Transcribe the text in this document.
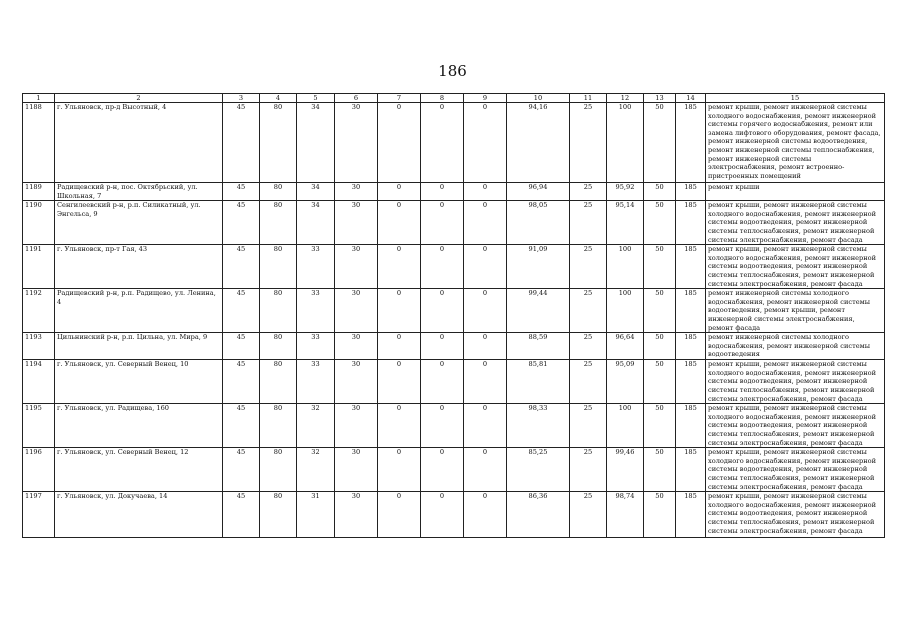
186
1	2	3	4	5	6	7	8	9	10	11	12	13	14	15
1188	г. Ульяновск, пр-д Высотный, 4	45	80	34	30	0	0	0	94,16	25	100	50	185	ремонт крыши, ремонт инженерной системы холодного водоснабжения, ремонт инженерной системы горячего водоснабжения, ремонт или замена лифтового оборудования, ремонт фасада, ремонт инженерной системы водоотведения, ремонт инженерной системы теплоснабжения, ремонт инженерной системы электроснабжения, ремонт встроенно-пристроенных помещений
1189	Радищевский р-н, пос. Октябрьский, ул. Школьная, 7	45	80	34	30	0	0	0	96,94	25	95,92	50	185	ремонт крыши
1190	Сенгилеевский р-н, р.п. Силикатный, ул. Энгельса, 9	45	80	34	30	0	0	0	98,05	25	95,14	50	185	ремонт крыши, ремонт инженерной системы холодного водоснабжения, ремонт инженерной системы водоотведения, ремонт инженерной системы теплоснабжения, ремонт инженерной системы электроснабжения, ремонт фасада
1191	г. Ульяновск, пр-т Гая, 43	45	80	33	30	0	0	0	91,09	25	100	50	185	ремонт крыши, ремонт инженерной системы холодного водоснабжения, ремонт инженерной системы водоотведения, ремонт инженерной системы теплоснабжения, ремонт инженерной системы электроснабжения, ремонт фасада
1192	Радищевский р-н, р.п. Радищево, ул. Ленина, 4	45	80	33	30	0	0	0	99,44	25	100	50	185	ремонт инженерной системы холодного водоснабжения, ремонт инженерной системы водоотведения, ремонт крыши, ремонт инженерной системы электроснабжения, ремонт фасада
1193	Цильнинский р-н, р.п. Цильна, ул. Мира, 9	45	80	33	30	0	0	0	88,59	25	96,64	50	185	ремонт инженерной системы холодного водоснабжения, ремонт инженерной системы водоотведения
1194	г. Ульяновск, ул. Северный Венец, 10	45	80	33	30	0	0	0	85,81	25	95,09	50	185	ремонт крыши, ремонт инженерной системы холодного водоснабжения, ремонт инженерной системы водоотведения, ремонт инженерной системы теплоснабжения, ремонт инженерной системы электроснабжения, ремонт фасада
1195	г. Ульяновск, ул. Радищева, 160	45	80	32	30	0	0	0	98,33	25	100	50	185	ремонт крыши, ремонт инженерной системы холодного водоснабжения, ремонт инженерной системы водоотведения, ремонт инженерной системы теплоснабжения, ремонт инженерной системы электроснабжения, ремонт фасада
1196	г. Ульяновск, ул. Северный Венец, 12	45	80	32	30	0	0	0	85,25	25	99,46	50	185	ремонт крыши, ремонт инженерной системы холодного водоснабжения, ремонт инженерной системы водоотведения, ремонт инженерной системы теплоснабжения, ремонт инженерной системы электроснабжения, ремонт фасада
1197	г. Ульяновск, ул. Докучаева, 14	45	80	31	30	0	0	0	86,36	25	98,74	50	185	ремонт крыши, ремонт инженерной системы холодного водоснабжения, ремонт инженерной системы водоотведения, ремонт инженерной системы теплоснабжения, ремонт инженерной системы электроснабжения, ремонт фасада
